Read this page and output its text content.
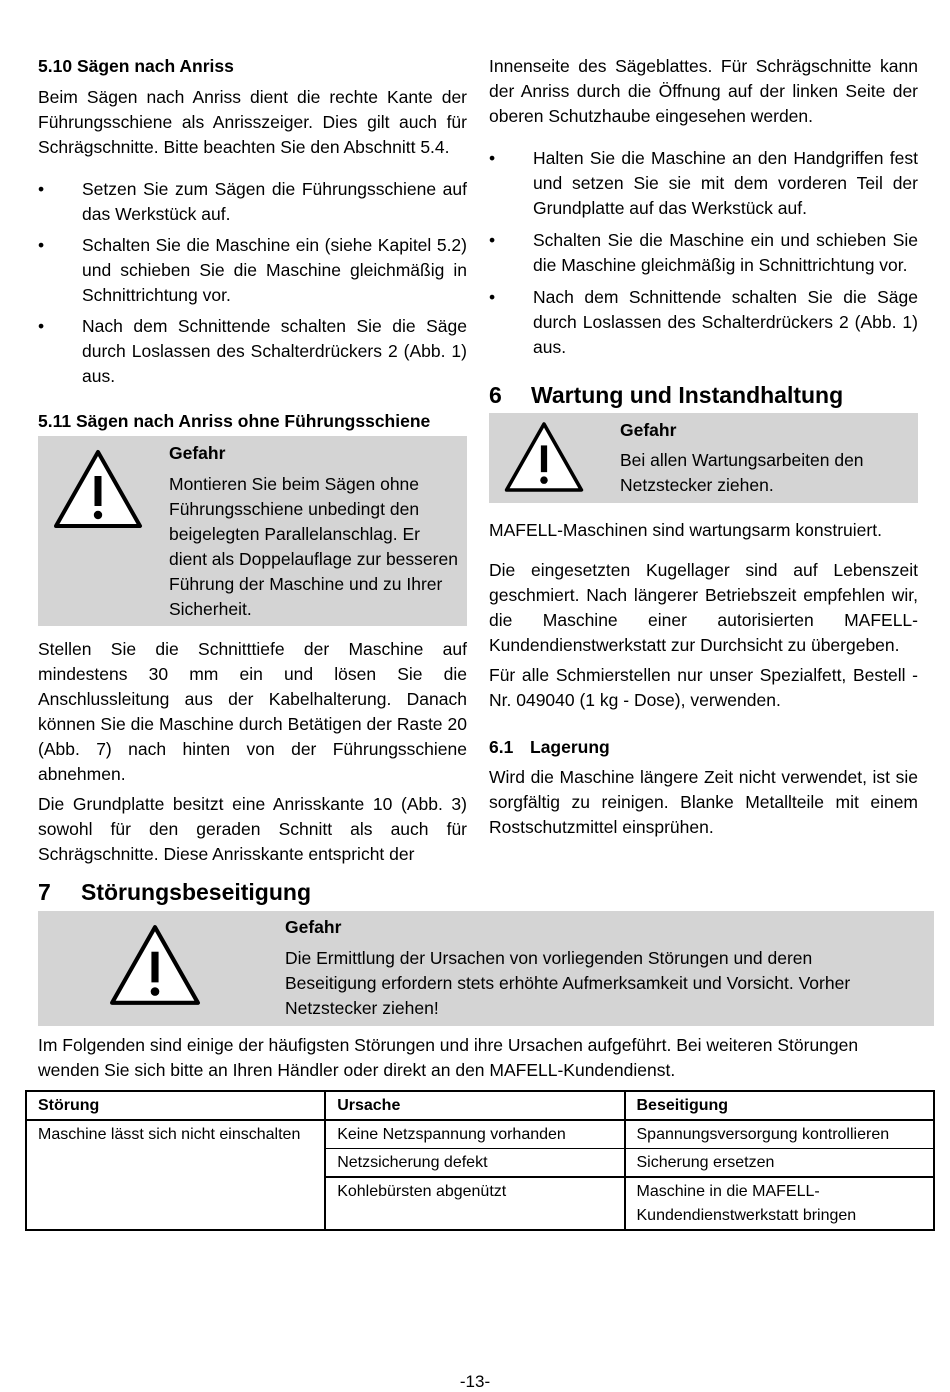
5.10 Sägen nach Anriss

Beim Sägen nach Anriss dient die rechte Kante der Führungsschiene als Anrisszeiger. Dies gilt auch für Schrägschnitte. Bitte beachten Sie den Abschnitt 5.4.

• Setzen Sie zum Sägen die Führungsschiene auf das Werkstück auf.
• Schalten Sie die Maschine ein (siehe Kapitel 5.2) und schieben Sie die Maschine gleichmäßig in Schnittrichtung vor.
• Nach dem Schnittende schalten Sie die Säge durch Loslassen des Schalterdrückers 2 (Abb. 1) aus.
5.11 Sägen nach Anriss ohne Führungsschiene
Gefahr
Montieren Sie beim Sägen ohne Führungsschiene unbedingt den beigelegten Parallelanschlag. Er dient als Doppelauflage zur besseren Führung der Maschine und zu Ihrer Sicherheit.

Stellen Sie die Schnitttiefe der Maschine auf mindestens 30 mm ein und lösen Sie die Anschlussleitung aus der Kabelhalterung. Danach können Sie die Maschine durch Betätigen der Raste 20 (Abb. 7) nach hinten von der Führungsschiene abnehmen.

Die Grundplatte besitzt eine Anrisskante 10 (Abb. 3) sowohl für den geraden Schnitt als auch für Schrägschnitte. Diese Anrisskante entspricht der

Innenseite des Sägeblattes. Für Schrägschnitte kann der Anriss durch die Öffnung auf der linken Seite der oberen Schutzhaube eingesehen werden.

• Halten Sie die Maschine an den Handgriffen fest und setzen Sie sie mit dem vorderen Teil der Grundplatte auf das Werkstück auf.
• Schalten Sie die Maschine ein und schieben Sie die Maschine gleichmäßig in Schnittrichtung vor.
• Nach dem Schnittende schalten Sie die Säge durch Loslassen des Schalterdrückers 2 (Abb. 1) aus.
6 Wartung und Instandhaltung
Gefahr
Bei allen Wartungsarbeiten den Netzstecker ziehen.

MAFELL-Maschinen sind wartungsarm konstruiert.

Die eingesetzten Kugellager sind auf Lebenszeit geschmiert. Nach längerer Betriebszeit empfehlen wir, die Maschine einer autorisierten MAFELL-Kundendienstwerkstatt zur Durchsicht zu übergeben.

Für alle Schmierstellen nur unser Spezialfett, Bestell - Nr. 049040 (1 kg - Dose), verwenden.

6.1 Lagerung

Wird die Maschine längere Zeit nicht verwendet, ist sie sorgfältig zu reinigen. Blanke Metallteile mit einem Rostschutzmittel einsprühen.

7 Störungsbeseitigung
Gefahr
Die Ermittlung der Ursachen von vorliegenden Störungen und deren Beseitigung erfordern stets erhöhte Aufmerksamkeit und Vorsicht. Vorher Netzstecker ziehen!

Im Folgenden sind einige der häufigsten Störungen und ihre Ursachen aufgeführt. Bei weiteren Störungen wenden Sie sich bitte an Ihren Händler oder direkt an den MAFELL-Kundendienst.

Störung	Ursache	Beseitigung
Maschine lässt sich nicht einschalten	Keine Netzspannung vorhanden	Spannungsversorgung kontrollieren
	Netzsicherung defekt	Sicherung ersetzen
	Kohlebürsten abgenützt	Maschine in die MAFELL-Kundendienstwerkstatt bringen
-13-
